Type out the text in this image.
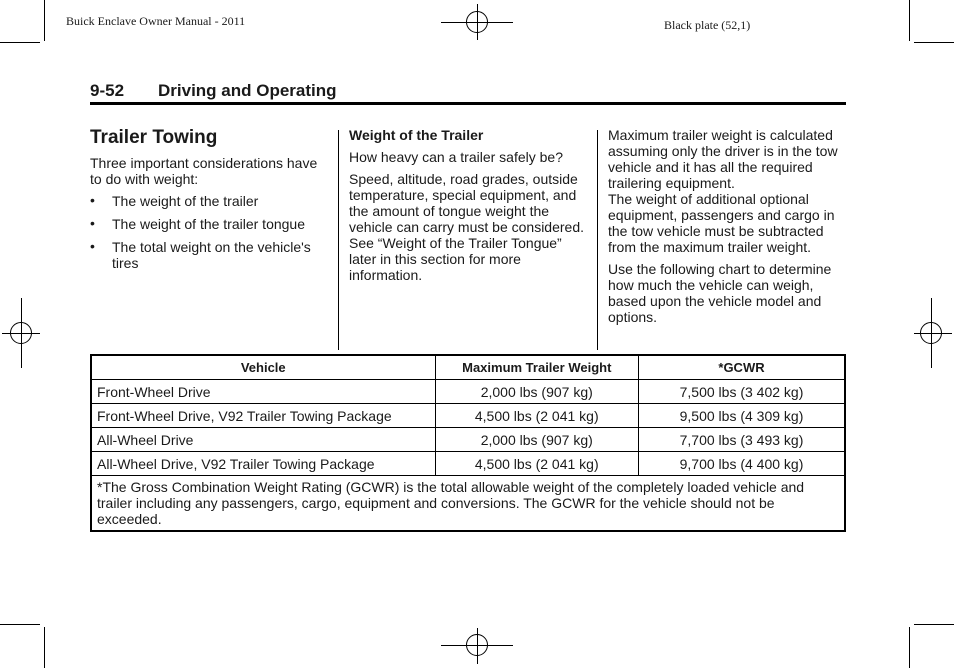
Buick Enclave Owner Manual - 2011	Black plate (52,1)
9-52 Driving and Operating
Trailer Towing

Three important considerations have to do with weight:

• The weight of the trailer
• The weight of the trailer tongue
• The total weight on the vehicle's tires
Weight of the Trailer

How heavy can a trailer safely be?

Speed, altitude, road grades, outside temperature, special equipment, and the amount of tongue weight the vehicle can carry must be considered. See “Weight of the Trailer Tongue” later in this section for more information.

Maximum trailer weight is calculated assuming only the driver is in the tow vehicle and it has all the required trailering equipment.

The weight of additional optional equipment, passengers and cargo in the tow vehicle must be subtracted from the maximum trailer weight.

Use the following chart to determine how much the vehicle can weigh, based upon the vehicle model and options.

Vehicle	Maximum Trailer Weight	*GCWR
Front-Wheel Drive	2,000 lbs (907 kg)	7,500 lbs (3 402 kg)
Front-Wheel Drive, V92 Trailer Towing Package	4,500 lbs (2 041 kg)	9,500 lbs (4 309 kg)
All-Wheel Drive	2,000 lbs (907 kg)	7,700 lbs (3 493 kg)
All-Wheel Drive, V92 Trailer Towing Package	4,500 lbs (2 041 kg)	9,700 lbs (4 400 kg)
*The Gross Combination Weight Rating (GCWR) is the total allowable weight of the completely loaded vehicle and trailer including any passengers, cargo, equipment and conversions. The GCWR for the vehicle should not be exceeded.		
